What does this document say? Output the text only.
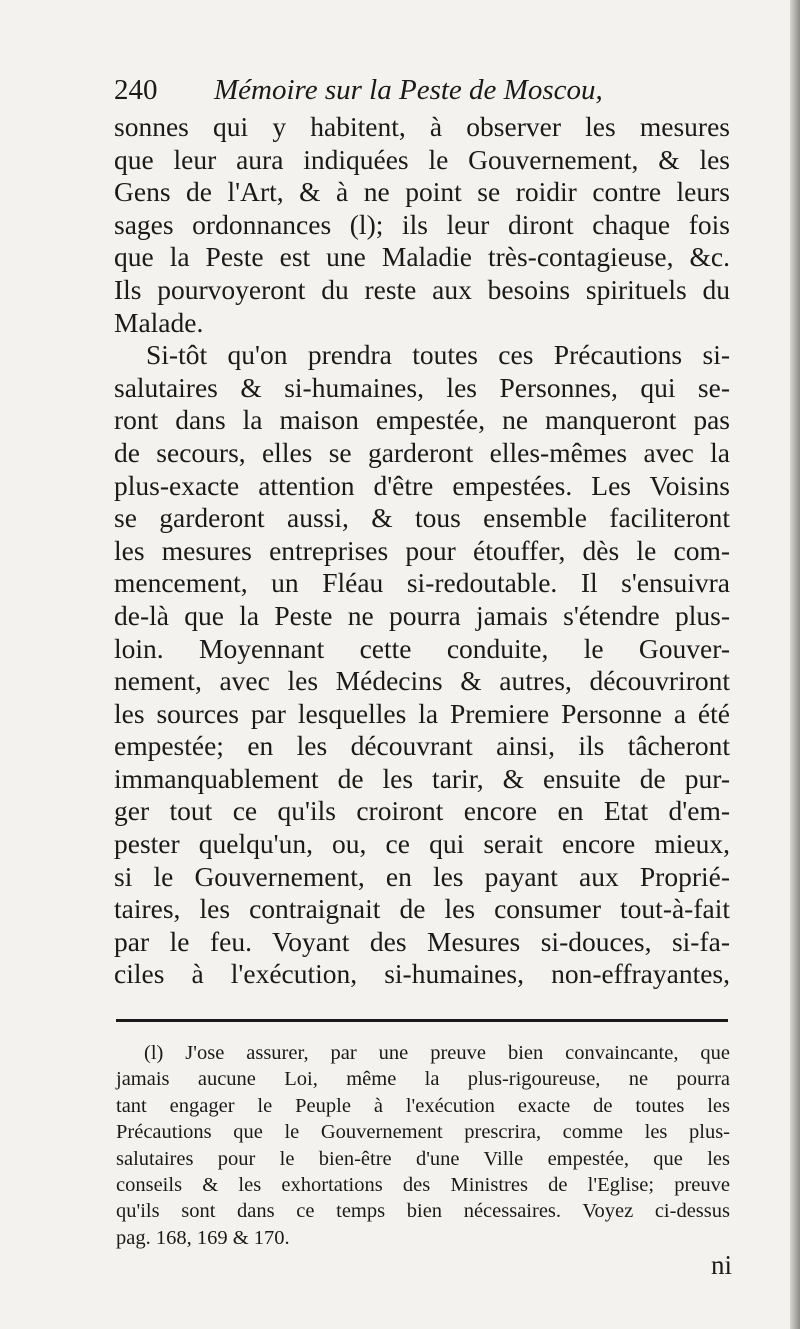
240 Mémoire sur la Peste de Moscou,
sonnes qui y habitent, à observer les mesures
que leur aura indiquées le Gouvernement, & les
Gens de l'Art, & à ne point se roidir contre leurs
sages ordonnances (l); ils leur diront chaque fois
que la Peste est une Maladie très-contagieuse, &c.
Ils pourvoyeront du reste aux besoins spirituels du
Malade.
Si-tôt qu'on prendra toutes ces Précautions si-
salutaires & si-humaines, les Personnes, qui se-
ront dans la maison empestée, ne manqueront pas
de secours, elles se garderont elles-mêmes avec la
plus-exacte attention d'être empestées. Les Voisins
se garderont aussi, & tous ensemble faciliteront
les mesures entreprises pour étouffer, dès le com-
mencement, un Fléau si-redoutable. Il s'ensuivra
de-là que la Peste ne pourra jamais s'étendre plus-
loin. Moyennant cette conduite, le Gouver-
nement, avec les Médecins & autres, découvriront
les sources par lesquelles la Premiere Personne a été
empestée; en les découvrant ainsi, ils tâcheront
immanquablement de les tarir, & ensuite de pur-
ger tout ce qu'ils croiront encore en Etat d'em-
pester quelqu'un, ou, ce qui serait encore mieux,
si le Gouvernement, en les payant aux Proprié-
taires, les contraignait de les consumer tout-à-fait
par le feu. Voyant des Mesures si-douces, si-fa-
ciles à l'exécution, si-humaines, non-effrayantes,
(l) J'ose assurer, par une preuve bien convaincante, que
jamais aucune Loi, même la plus-rigoureuse, ne pourra
tant engager le Peuple à l'exécution exacte de toutes les
Précautions que le Gouvernement prescrira, comme les plus-
salutaires pour le bien-être d'une Ville empestée, que les
conseils & les exhortations des Ministres de l'Eglise; preuve
qu'ils sont dans ce temps bien nécessaires. Voyez ci-dessus
pag. 168, 169 & 170.
ni
